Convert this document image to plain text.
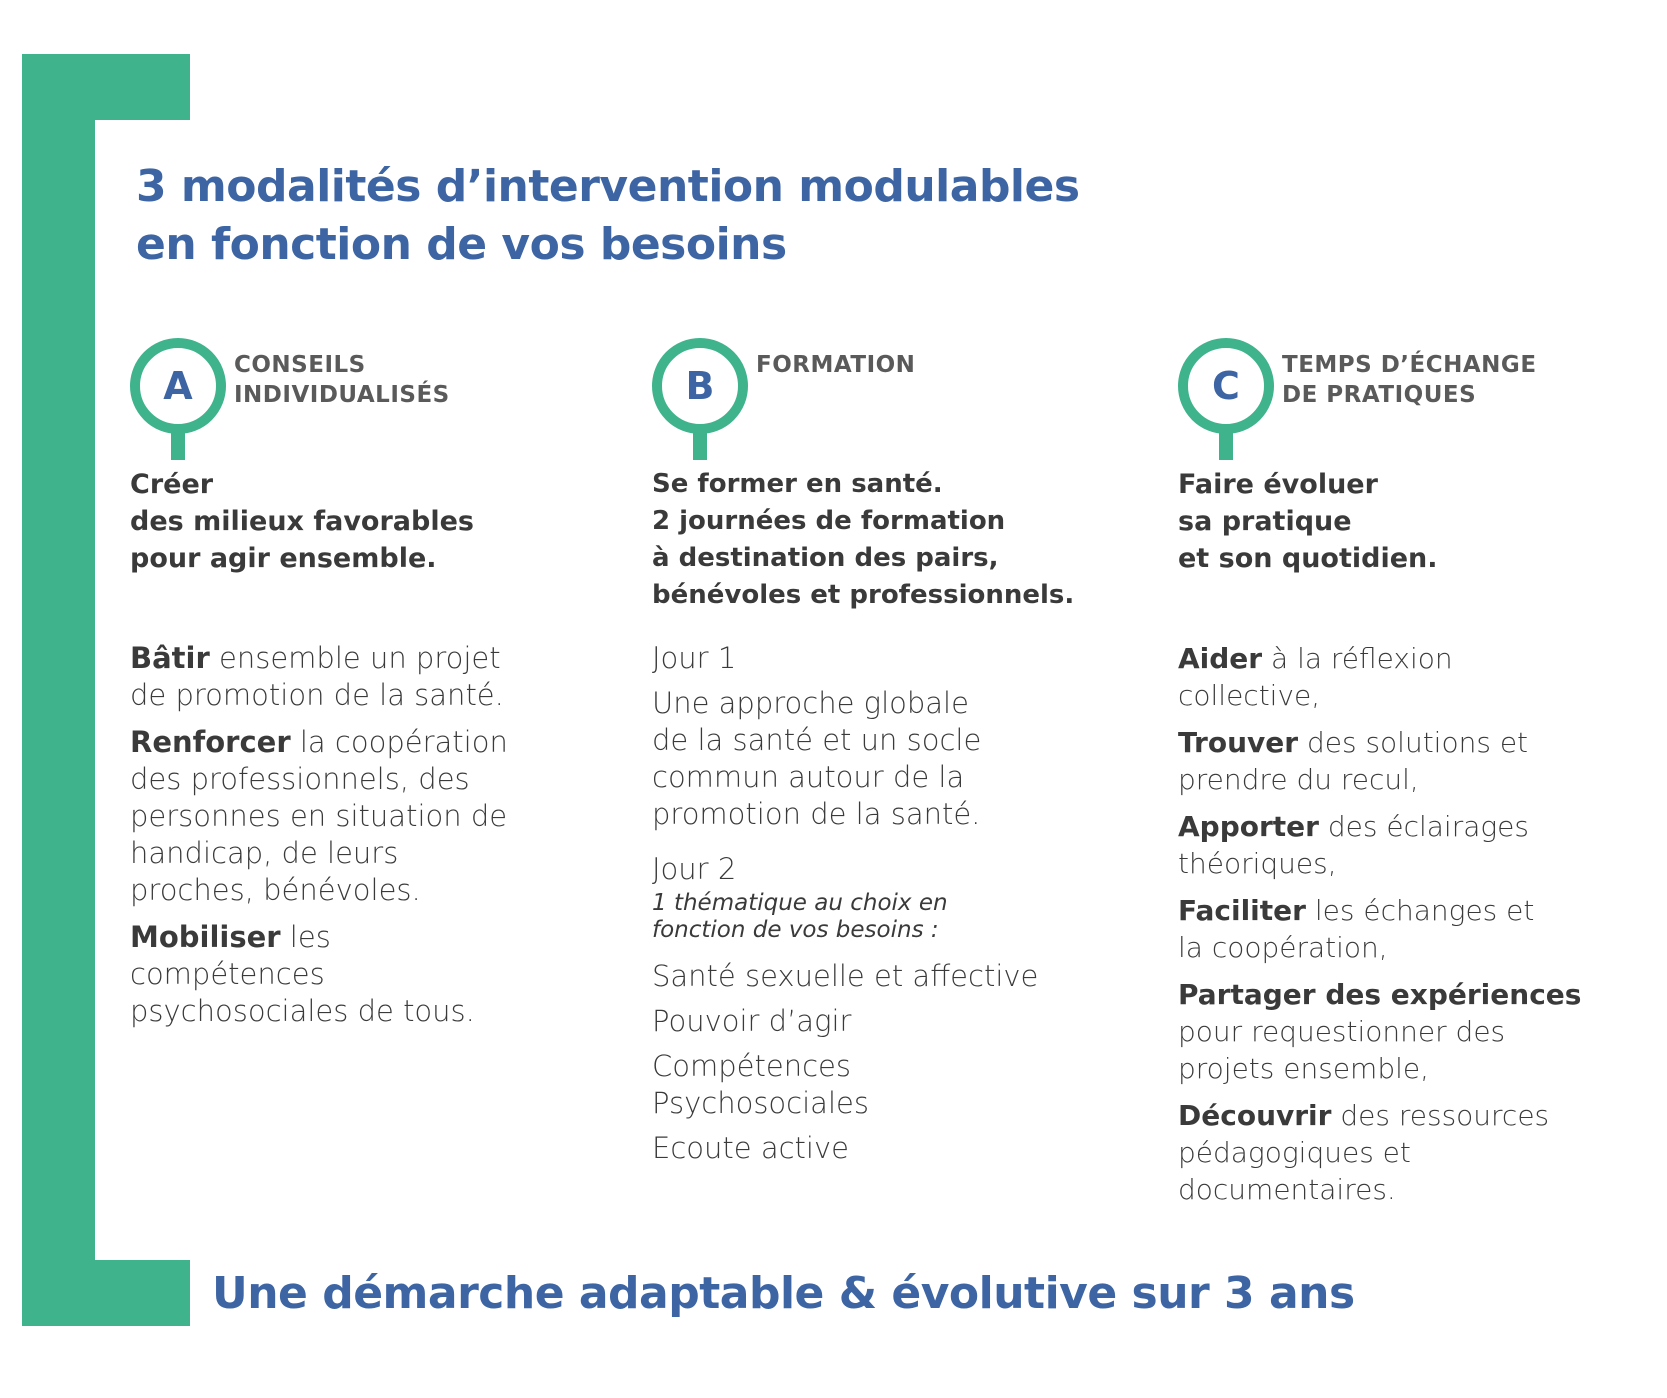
3 modalités d’intervention modulables
en fonction de vos besoins
A	CONSEILS
INDIVIDUALISÉS
Créer
des milieux favorables
pour agir ensemble.
Bâtir ensemble un projet de promotion de la santé.
Renforcer la coopération des professionnels, des personnes en situation de handicap, de leurs proches, bénévoles.
Mobiliser les compétences psychosociales de tous.
B	FORMATION
Se former en santé.
2 journées de formation
à destination des pairs,
bénévoles et professionnels.
Jour 1
Une approche globale de la santé et un socle commun autour de la promotion de la santé.
Jour 2
1 thématique au choix en fonction de vos besoins :
Santé sexuelle et affective
Pouvoir d’agir
Compétences Psychosociales
Ecoute active
C	TEMPS D’ÉCHANGE
DE PRATIQUES
Faire évoluer
sa pratique
et son quotidien.
Aider à la réflexion collective,
Trouver des solutions et prendre du recul,
Apporter des éclairages théoriques,
Faciliter les échanges et la coopération,
Partager des expériences pour requestionner des projets ensemble,
Découvrir des ressources pédagogiques et documentaires.
Une démarche adaptable & évolutive sur 3 ans
